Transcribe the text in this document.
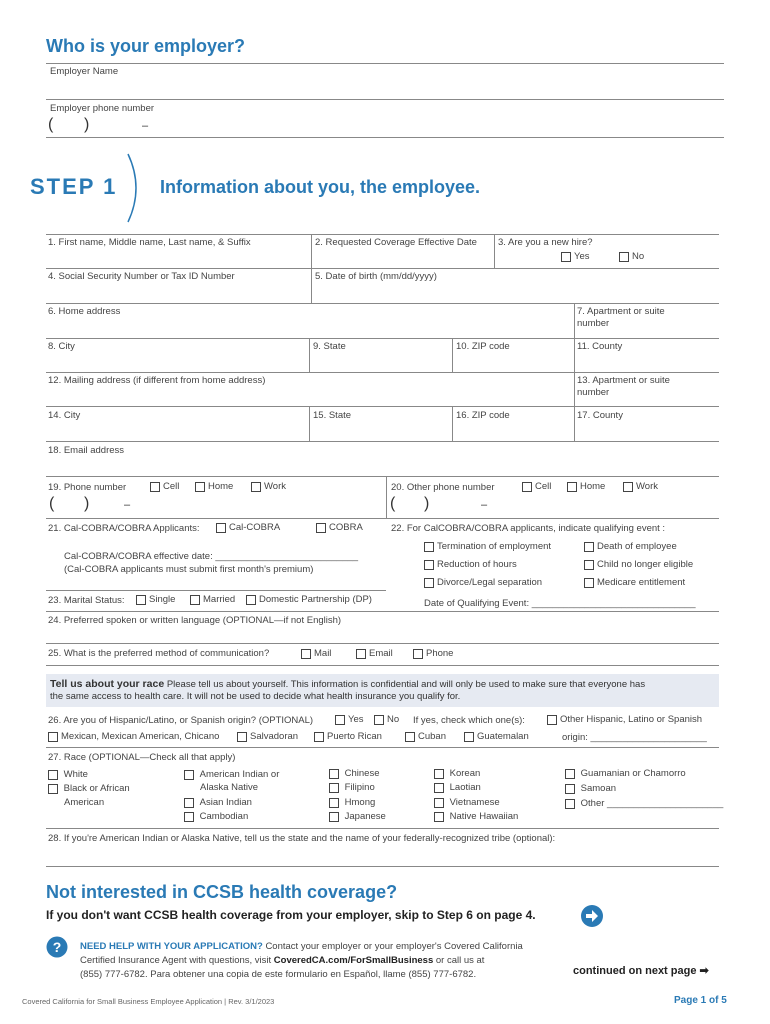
Who is your employer?
Employer Name
Employer phone number
( )	–
STEP 1 Information about you, the employee.
1. First name, Middle name, Last name, & Suffix	2. Requested Coverage Effective Date 3. Are you a new hire?
Yes	No
4. Social Security Number or Tax ID Number	5. Date of birth (mm/dd/yyyy)
6. Home address	7. Apartment or suite
number
8. City	9. State	10. ZIP code	11. County
12. Mailing address (if different from home address)	13. Apartment or suite
number
14. City	15. State	16. ZIP code	17. County
18. Email address
19. Phone number	Cell	Home	Work
( )	–
20. Other phone number	Cell	Home	Work
( )	–
21. Cal-COBRA/COBRA Applicants:	Cal-COBRA	COBRA
Cal-COBRA/COBRA effective date: ___________________________
(Cal-COBRA applicants must submit first month's premium)
22. For CalCOBRA/COBRA applicants, indicate qualifying event :
Termination of employment	Death of employee
Reduction of hours	Child no longer eligible
Divorce/Legal separation	Medicare entitlement
Date of Qualifying Event: _______________________________
23. Marital Status:	Single	Married	Domestic Partnership (DP)
24. Preferred spoken or written language (OPTIONAL—if not English)
25. What is the preferred method of communication?	Mail	Email	Phone
Tell us about your race Please tell us about yourself. This information is confidential and will only be used to make sure that everyone has
the same access to health care. It will not be used to decide what health insurance you qualify for.
26. Are you of Hispanic/Latino, or Spanish origin? (OPTIONAL)	Yes	No If yes, check which one(s):	Other Hispanic, Latino or Spanish
origin: ______________________
Mexican, Mexican American, Chicano	Salvadoran	Puerto Rican	Cuban	Guatemalan
27. Race (OPTIONAL—Check all that apply)
White
Black or African
American
American Indian or
Alaska Native
Asian Indian
Cambodian
Chinese
Filipino
Hmong
Japanese
Korean
Laotian
Vietnamese
Native Hawaiian
Guamanian or Chamorro
Samoan
Other ______________________
28. If you're American Indian or Alaska Native, tell us the state and the name of your federally-recognized tribe (optional):
Not interested in CCSB health coverage?
If you don't want CCSB health coverage from your employer, skip to Step 6 on page 4.
? NEED HELP WITH YOUR APPLICATION? Contact your employer or your employer's Covered California
Certified Insurance Agent with questions, visit CoveredCA.com/ForSmallBusiness or call us at
(855) 777-6782. Para obtener una copia de este formulario en Español, llame (855) 777-6782.	continued on next page ➡
Covered California for Small Business Employee Application | Rev. 3/1/2023	Page 1 of 5
